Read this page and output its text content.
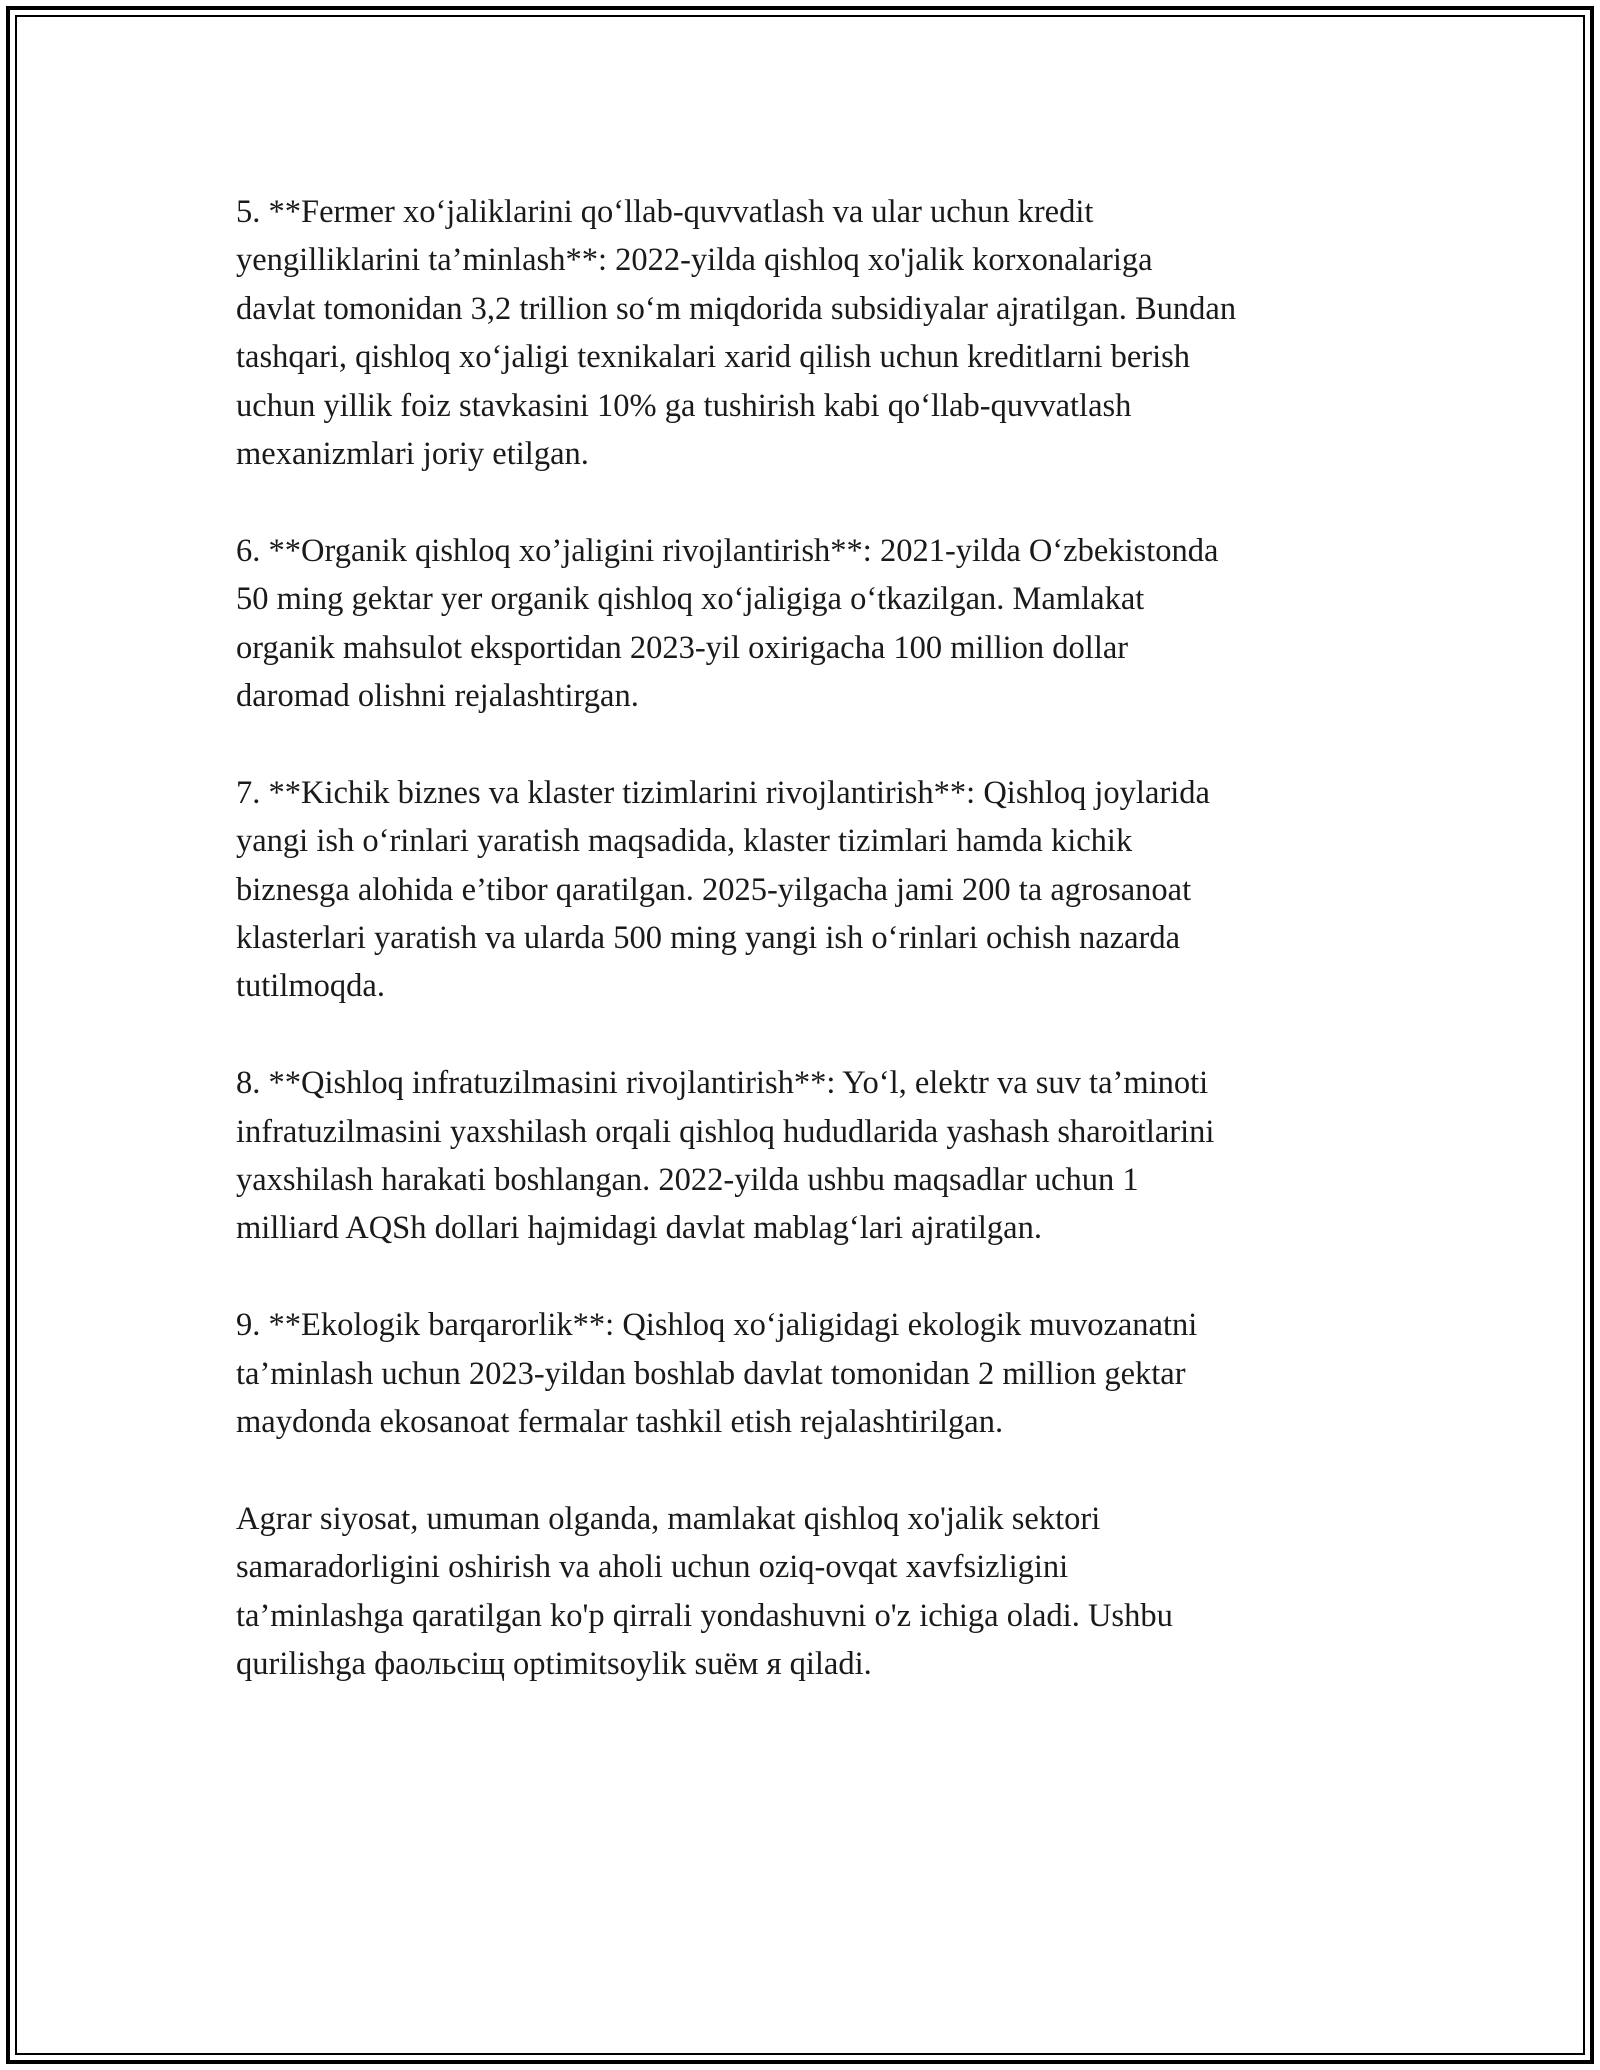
5. **Fermer xo‘jaliklarini qo‘llab-quvvatlash va ular uchun kredit
yengilliklarini ta’minlash**: 2022-yilda qishloq xo'jalik korxonalariga
davlat tomonidan 3,2 trillion so‘m miqdorida subsidiyalar ajratilgan. Bundan
tashqari, qishloq xo‘jaligi texnikalari xarid qilish uchun kreditlarni berish
uchun yillik foiz stavkasini 10% ga tushirish kabi qo‘llab-quvvatlash
mexanizmlari joriy etilgan.

6. **Organik qishloq xo’jaligini rivojlantirish**: 2021-yilda O‘zbekistonda
50 ming gektar yer organik qishloq xo‘jaligiga o‘tkazilgan. Mamlakat
organik mahsulot eksportidan 2023-yil oxirigacha 100 million dollar
daromad olishni rejalashtirgan.

7. **Kichik biznes va klaster tizimlarini rivojlantirish**: Qishloq joylarida
yangi ish o‘rinlari yaratish maqsadida, klaster tizimlari hamda kichik
biznesga alohida e’tibor qaratilgan. 2025-yilgacha jami 200 ta agrosanoat
klasterlari yaratish va ularda 500 ming yangi ish o‘rinlari ochish nazarda
tutilmoqda.

8. **Qishloq infratuzilmasini rivojlantirish**: Yo‘l, elektr va suv ta’minoti
infratuzilmasini yaxshilash orqali qishloq hududlarida yashash sharoitlarini
yaxshilash harakati boshlangan. 2022-yilda ushbu maqsadlar uchun 1
milliard AQSh dollari hajmidagi davlat mablag‘lari ajratilgan.

9. **Ekologik barqarorlik**: Qishloq xo‘jaligidagi ekologik muvozanatni
ta’minlash uchun 2023-yildan boshlab davlat tomonidan 2 million gektar
maydonda ekosanoat fermalar tashkil etish rejalashtirilgan.

Agrar siyosat, umuman olganda, mamlakat qishloq xo'jalik sektori
samaradorligini oshirish va aholi uchun oziq-ovqat xavfsizligini
ta’minlashga qaratilgan ko'p qirrali yondashuvni o'z ichiga oladi. Ushbu
qurilishga фаольсіщ optimitsoylik suëм я qiladi.
